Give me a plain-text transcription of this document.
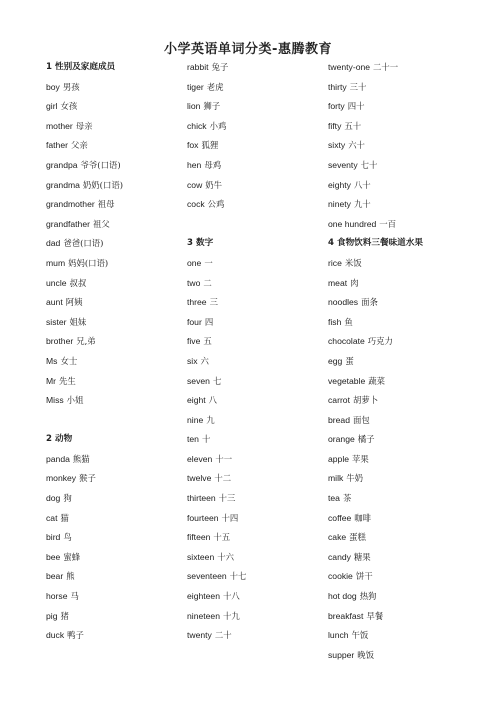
小学英语单词分类-惠腾教育
1 性别及家庭成员
boy 男孩
girl 女孩
mother 母亲
father 父亲
grandpa 爷爷(口语)
grandma 奶奶(口语)
grandmother 祖母
grandfather 祖父
dad 爸爸(口语)
mum 妈妈(口语)
uncle 叔叔
aunt 阿姨
sister 姐妹
brother 兄,弟
Ms 女士
Mr 先生
Miss 小姐
2 动物
panda 熊猫
monkey 猴子
dog 狗
cat 猫
bird 鸟
bee 蜜蜂
bear 熊
horse 马
pig 猪
duck 鸭子
rabbit 兔子
tiger 老虎
lion 狮子
chick 小鸡
fox 狐狸
hen 母鸡
cow 奶牛
cock 公鸡
3 数字
one 一
two 二
three 三
four 四
five 五
six 六
seven 七
eight 八
nine 九
ten 十
eleven 十一
twelve 十二
thirteen 十三
fourteen 十四
fifteen 十五
sixteen 十六
seventeen 十七
eighteen 十八
nineteen 十九
twenty 二十
twenty-one 二十一
thirty 三十
forty 四十
fifty 五十
sixty 六十
seventy 七十
eighty 八十
ninety 九十
one hundred 一百
4 食物饮料三餐味道水果
rice 米饭
meat 肉
noodles 面条
fish 鱼
chocolate 巧克力
egg 蛋
vegetable 蔬菜
carrot 胡萝卜
bread 面包
orange 橘子
apple 苹果
milk 牛奶
tea 茶
coffee 咖啡
cake 蛋糕
candy 糖果
cookie 饼干
hot dog 热狗
breakfast 早餐
lunch 午饭
supper 晚饭
